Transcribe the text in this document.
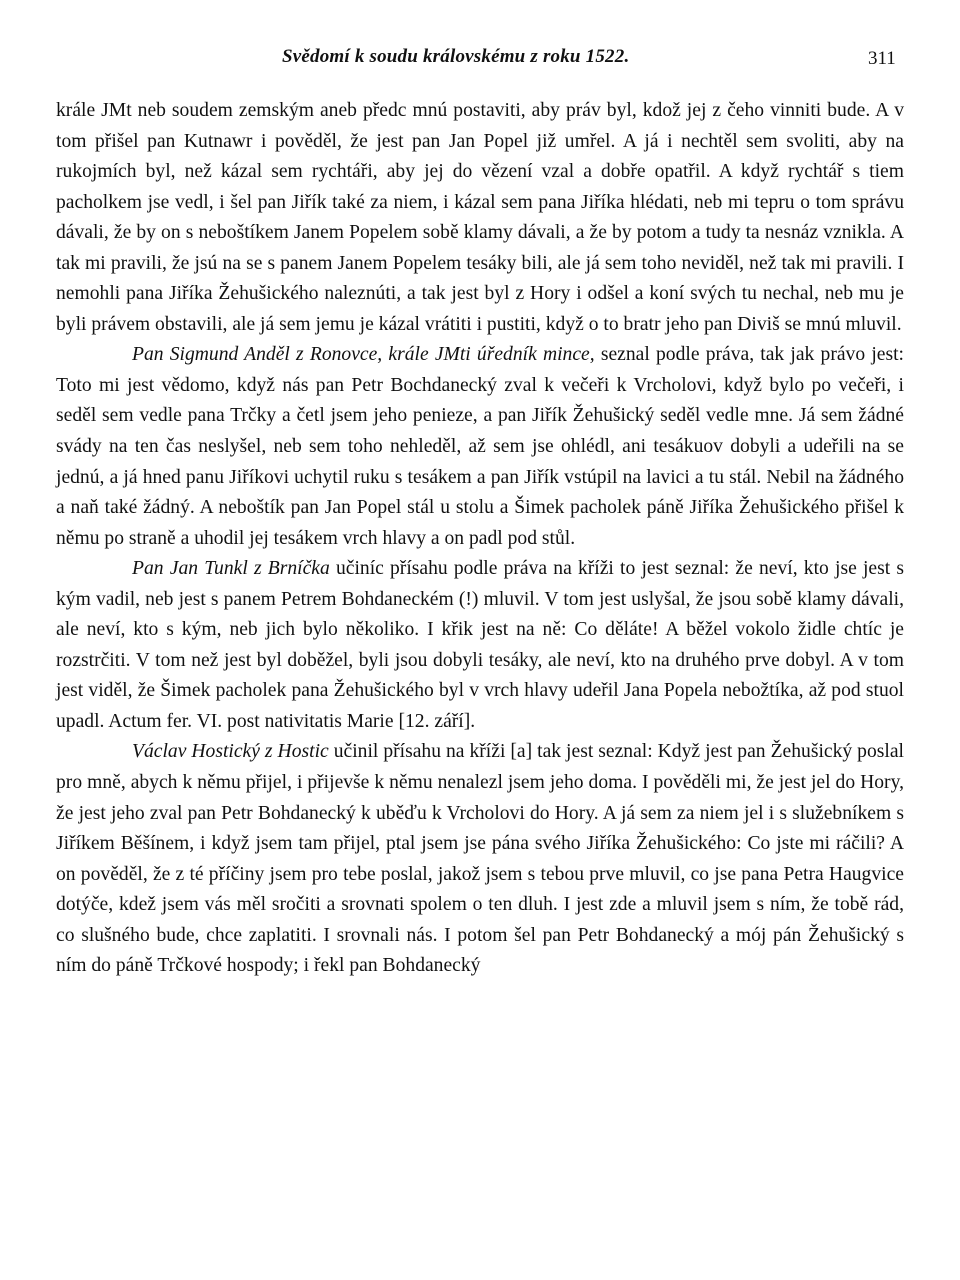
Svědomí k soudu královskému z roku 1522.	311

krále JMt neb soudem zemským aneb předc mnú postaviti, aby práv byl, kdož jej z čeho vinniti bude. A v tom přišel pan Kutnawr i pověděl, že jest pan Jan Popel již umřel. A já i nechtěl sem svoliti, aby na rukojmích byl, než kázal sem rychtáři, aby jej do vězení vzal a dobře opatřil. A když rychtář s tiem pacholkem jse vedl, i šel pan Jiřík také za niem, i kázal sem pana Jiříka hlédati, neb mi tepru o tom správu dávali, že by on s neboštíkem Janem Popelem sobě klamy dávali, a že by potom a tudy ta nesnáz vznikla. A tak mi pravili, že jsú na se s panem Janem Popelem tesáky bili, ale já sem toho neviděl, než tak mi pravili. I nemohli pana Jiříka Žehušického naleznúti, a tak jest byl z Hory i odšel a koní svých tu nechal, neb mu je byli právem obstavili, ale já sem jemu je kázal vrátiti i pustiti, když o to bratr jeho pan Diviš se mnú mluvil.

Pan Sigmund Anděl z Ronovce, krále JMti úředník mince, seznal podle práva, tak jak právo jest: Toto mi jest vědomo, když nás pan Petr Bochdanecký zval k večeři k Vrcholovi, když bylo po večeři, i seděl sem vedle pana Trčky a četl jsem jeho penieze, a pan Jiřík Žehušický seděl vedle mne. Já sem žádné svády na ten čas neslyšel, neb sem toho nehleděl, až sem jse ohlédl, ani tesákuov dobyli a udeřili na se jednú, a já hned panu Jiříkovi uchytil ruku s tesákem a pan Jiřík vstúpil na lavici a tu stál. Nebil na žádného a naň také žádný. A neboštík pan Jan Popel stál u stolu a Šimek pacholek páně Jiříka Žehušického přišel k němu po straně a uhodil jej tesákem vrch hlavy a on padl pod stůl.

Pan Jan Tunkl z Brníčka učiníc přísahu podle práva na kříži to jest seznal: že neví, kto jse jest s kým vadil, neb jest s panem Petrem Bohdaneckém (!) mluvil. V tom jest uslyšal, že jsou sobě klamy dávali, ale neví, kto s kým, neb jich bylo několiko. I křik jest na ně: Co děláte! A běžel vokolo židle chtíc je rozstrčiti. V tom než jest byl doběžel, byli jsou dobyli tesáky, ale neví, kto na druhého prve dobyl. A v tom jest viděl, že Šimek pacholek pana Žehušického byl v vrch hlavy udeřil Jana Popela nebožtíka, až pod stuol upadl. Actum fer. VI. post nativitatis Marie [12. září].

Václav Hostický z Hostic učinil přísahu na kříži [a] tak jest seznal: Když jest pan Žehušický poslal pro mně, abych k němu přijel, i přijevše k němu nenalezl jsem jeho doma. I pověděli mi, že jest jel do Hory, že jest jeho zval pan Petr Bohdanecký k uběďu k Vrcholovi do Hory. A já sem za niem jel i s služebníkem s Jiříkem Běšínem, i když jsem tam přijel, ptal jsem jse pána svého Jiříka Žehušického: Co jste mi ráčili? A on pověděl, že z té příčiny jsem pro tebe poslal, jakož jsem s tebou prve mluvil, co jse pana Petra Haugvice dotýče, kdež jsem vás měl sročiti a srovnati spolem o ten dluh. I jest zde a mluvil jsem s ním, že tobě rád, co slušného bude, chce zaplatiti. I srovnali nás. I potom šel pan Petr Bohdanecký a mój pán Žehušický s ním do páně Trčkové hospody; i řekl pan Bohdanecký
